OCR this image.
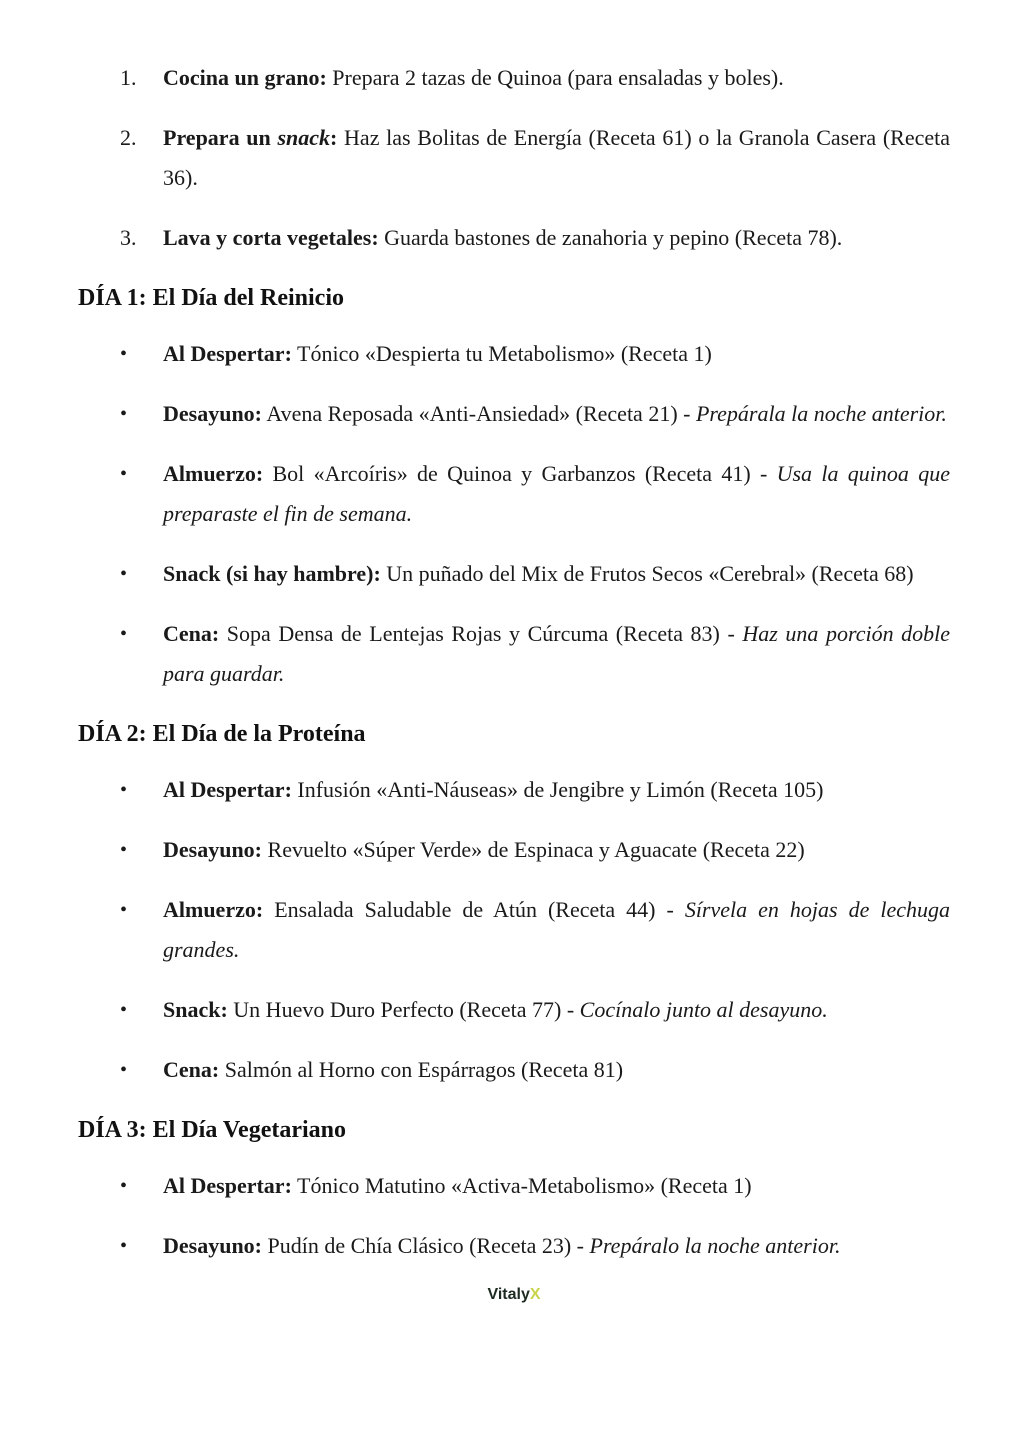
1.	Cocina un grano: Prepara 2 tazas de Quinoa (para ensaladas y boles).

2.	Prepara un snack: Haz las Bolitas de Energía (Receta 61) o la Granola Casera (Receta 36).

3.	Lava y corta vegetales: Guarda bastones de zanahoria y pepino (Receta 78).

DÍA 1: El Día del Reinicio
•	Al Despertar: Tónico «Despierta tu Metabolismo» (Receta 1)

•	Desayuno: Avena Reposada «Anti-Ansiedad» (Receta 21) - Prepárala la noche anterior.

•	Almuerzo: Bol «Arcoíris» de Quinoa y Garbanzos (Receta 41) - Usa la quinoa que preparaste el fin de semana.

•	Snack (si hay hambre): Un puñado del Mix de Frutos Secos «Cerebral» (Receta 68)

•	Cena: Sopa Densa de Lentejas Rojas y Cúrcuma (Receta 83) - Haz una porción doble para guardar.

DÍA 2: El Día de la Proteína
•	Al Despertar: Infusión «Anti-Náuseas» de Jengibre y Limón (Receta 105)

•	Desayuno: Revuelto «Súper Verde» de Espinaca y Aguacate (Receta 22)

•	Almuerzo: Ensalada Saludable de Atún (Receta 44) - Sírvela en hojas de lechuga grandes.

•	Snack: Un Huevo Duro Perfecto (Receta 77) - Cocínalo junto al desayuno.

•	Cena: Salmón al Horno con Espárragos (Receta 81)

DÍA 3: El Día Vegetariano
•	Al Despertar: Tónico Matutino «Activa-Metabolismo» (Receta 1)

•	Desayuno: Pudín de Chía Clásico (Receta 23) - Prepáralo la noche anterior.

VitalyX
